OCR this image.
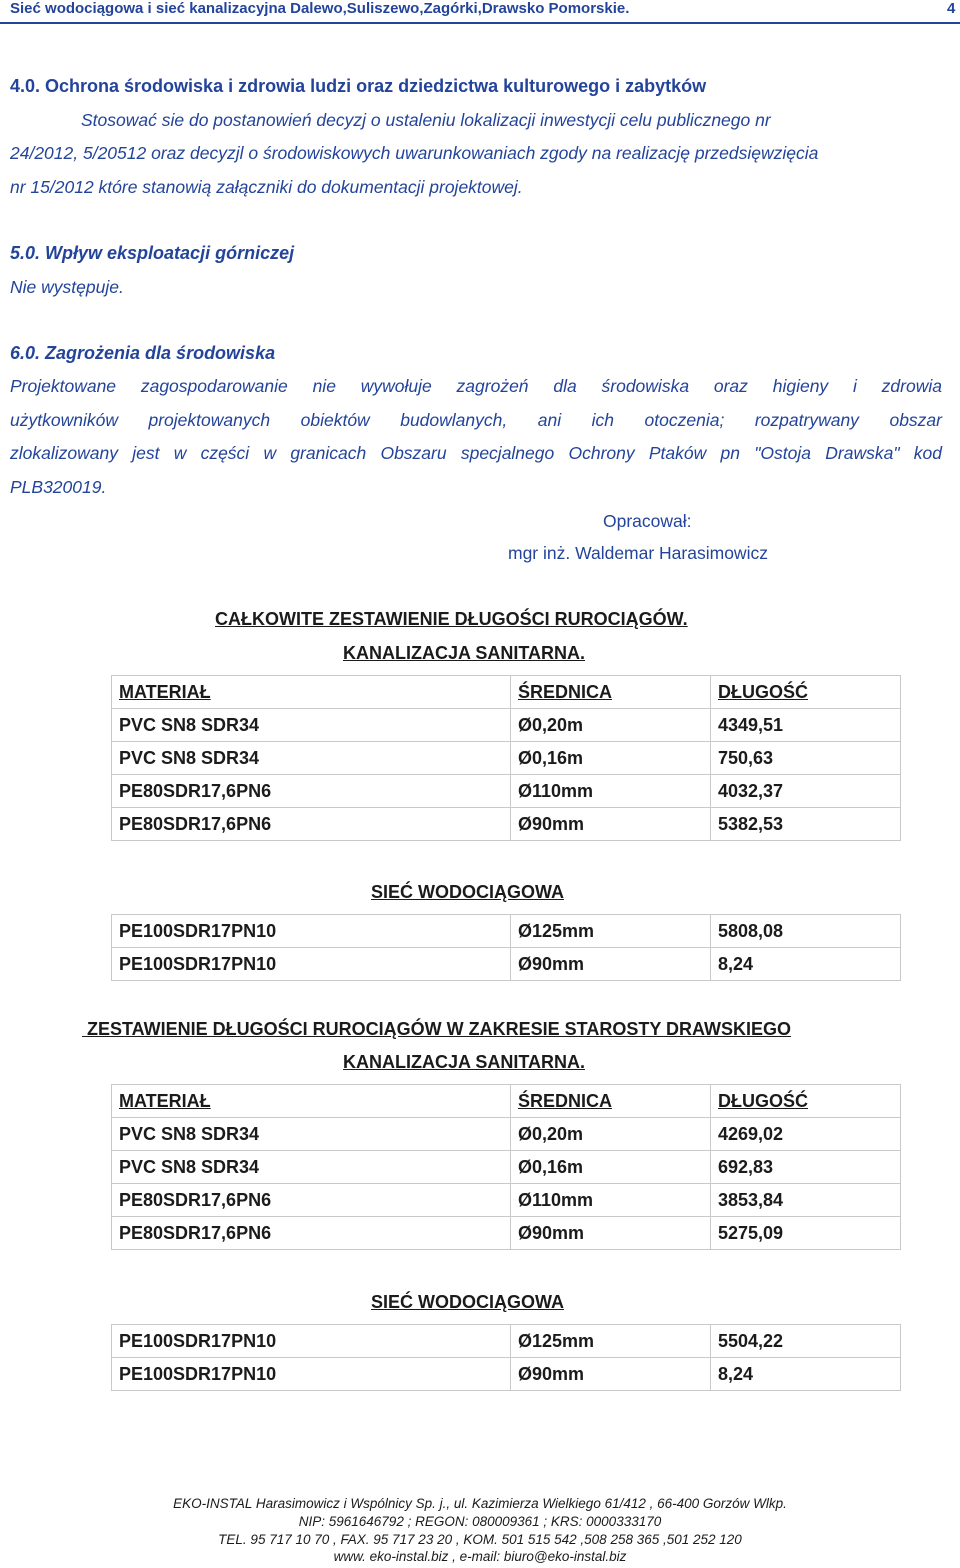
Sieć wodociągowa i sieć kanalizacyjna Dalewo,Suliszewo,Zagórki,Drawsko Pomorskie.	4
4.0. Ochrona środowiska i zdrowia ludzi oraz dziedzictwa kulturowego i zabytków
Stosować sie do postanowień decyzj o ustaleniu lokalizacji inwestycji celu publicznego nr
24/2012, 5/20512 oraz decyzjl o środowiskowych uwarunkowaniach zgody na realizację przedsięwzięcia
nr 15/2012 które stanowią załączniki do dokumentacji projektowej.
5.0. Wpływ eksploatacji górniczej
Nie występuje.
6.0. Zagrożenia dla środowiska
Projektowane zagospodarowanie nie wywołuje zagrożeń dla środowiska oraz higieny i zdrowia
użytkowników projektowanych obiektów budowlanych, ani ich otoczenia; rozpatrywany obszar
zlokalizowany jest w części w granicach Obszaru specjalnego Ochrony Ptaków pn "Ostoja Drawska" kod
PLB320019.
Opracował:
mgr inż. Waldemar Harasimowicz
CAŁKOWITE ZESTAWIENIE DŁUGOŚCI RUROCIĄGÓW.
KANALIZACJA SANITARNA.
MATERIAŁ	ŚREDNICA	DŁUGOŚĆ
PVC SN8 SDR34	Ø0,20m	4349,51
PVC SN8 SDR34	Ø0,16m	750,63
PE80SDR17,6PN6	Ø110mm	4032,37
PE80SDR17,6PN6	Ø90mm	5382,53
SIEĆ WODOCIĄGOWA
PE100SDR17PN10	Ø125mm	5808,08
PE100SDR17PN10	Ø90mm	8,24
ZESTAWIENIE DŁUGOŚCI RUROCIĄGÓW W ZAKRESIE STAROSTY DRAWSKIEGO
KANALIZACJA SANITARNA.
MATERIAŁ	ŚREDNICA	DŁUGOŚĆ
PVC SN8 SDR34	Ø0,20m	4269,02
PVC SN8 SDR34	Ø0,16m	692,83
PE80SDR17,6PN6	Ø110mm	3853,84
PE80SDR17,6PN6	Ø90mm	5275,09
SIEĆ WODOCIĄGOWA
PE100SDR17PN10	Ø125mm	5504,22
PE100SDR17PN10	Ø90mm	8,24
EKO-INSTAL Harasimowicz i Wspólnicy Sp. j., ul. Kazimierza Wielkiego 61/412 , 66-400 Gorzów Wlkp.
NIP: 5961646792 ; REGON: 080009361 ; KRS: 0000333170
TEL. 95 717 10 70 , FAX. 95 717 23 20 , KOM. 501 515 542 ,508 258 365 ,501 252 120
www. eko-instal.biz , e-mail: biuro@eko-instal.biz
